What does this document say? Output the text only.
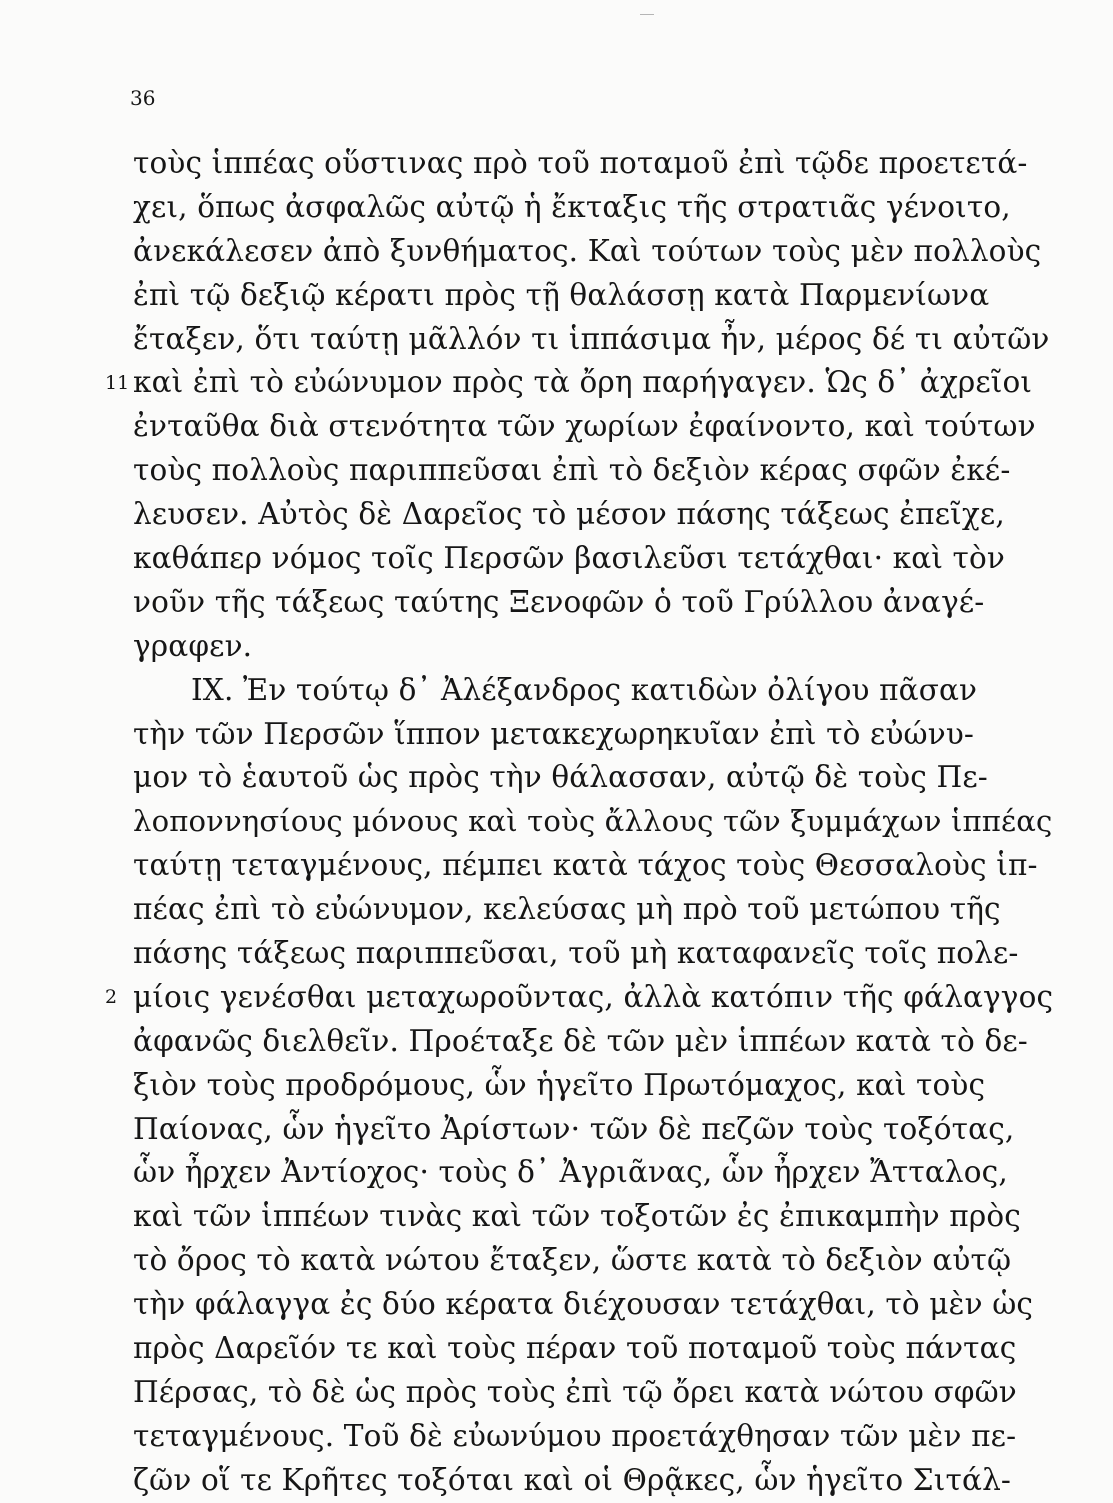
36
11
2
τοὺς ἱππέας οὕστινας πρὸ τοῦ ποταμοῦ ἐπὶ τῷδε προετετά-
χει, ὅπως ἀσφαλῶς αὐτῷ ἡ ἔκταξις τῆς στρατιᾶς γένοιτο,
ἀνεκάλεσεν ἀπὸ ξυνθήματος. Καὶ τούτων τοὺς μὲν πολλοὺς
ἐπὶ τῷ δεξιῷ κέρατι πρὸς τῇ θαλάσσῃ κατὰ Παρμενίωνα
ἔταξεν, ὅτι ταύτῃ μᾶλλόν τι ἱππάσιμα ἦν, μέρος δέ τι αὐτῶν
καὶ ἐπὶ τὸ εὐώνυμον πρὸς τὰ ὄρη παρήγαγεν. Ὡς δ᾽ ἀχρεῖοι
ἐνταῦθα διὰ στενότητα τῶν χωρίων ἐφαίνοντο, καὶ τούτων
τοὺς πολλοὺς παριππεῦσαι ἐπὶ τὸ δεξιὸν κέρας σφῶν ἐκέ-
λευσεν. Αὐτὸς δὲ Δαρεῖος τὸ μέσον πάσης τάξεως ἐπεῖχε,
καθάπερ νόμος τοῖς Περσῶν βασιλεῦσι τετάχθαι· καὶ τὸν
νοῦν τῆς τάξεως ταύτης Ξενοφῶν ὁ τοῦ Γρύλλου ἀναγέ-
γραφεν.
IX. Ἐν τούτῳ δ᾽ Ἀλέξανδρος κατιδὼν ὀλίγου πᾶσαν
τὴν τῶν Περσῶν ἵππον μετακεχωρηκυῖαν ἐπὶ τὸ εὐώνυ-
μον τὸ ἑαυτοῦ ὡς πρὸς τὴν θάλασσαν, αὐτῷ δὲ τοὺς Πε-
λοποννησίους μόνους καὶ τοὺς ἄλλους τῶν ξυμμάχων ἱππέας
ταύτῃ τεταγμένους, πέμπει κατὰ τάχος τοὺς Θεσσαλοὺς ἱπ-
πέας ἐπὶ τὸ εὐώνυμον, κελεύσας μὴ πρὸ τοῦ μετώπου τῆς
πάσης τάξεως παριππεῦσαι, τοῦ μὴ καταφανεῖς τοῖς πολε-
μίοις γενέσθαι μεταχωροῦντας, ἀλλὰ κατόπιν τῆς φάλαγγος
ἀφανῶς διελθεῖν. Προέταξε δὲ τῶν μὲν ἱππέων κατὰ τὸ δε-
ξιὸν τοὺς προδρόμους, ὧν ἡγεῖτο Πρωτόμαχος, καὶ τοὺς
Παίονας, ὧν ἡγεῖτο Ἀρίστων· τῶν δὲ πεζῶν τοὺς τοξότας,
ὧν ἦρχεν Ἀντίοχος· τοὺς δ᾽ Ἀγριᾶνας, ὧν ἦρχεν Ἄτταλος,
καὶ τῶν ἱππέων τινὰς καὶ τῶν τοξοτῶν ἐς ἐπικαμπὴν πρὸς
τὸ ὄρος τὸ κατὰ νώτου ἔταξεν, ὥστε κατὰ τὸ δεξιὸν αὐτῷ
τὴν φάλαγγα ἐς δύο κέρατα διέχουσαν τετάχθαι, τὸ μὲν ὡς
πρὸς Δαρεῖόν τε καὶ τοὺς πέραν τοῦ ποταμοῦ τοὺς πάντας
Πέρσας, τὸ δὲ ὡς πρὸς τοὺς ἐπὶ τῷ ὄρει κατὰ νώτου σφῶν
τεταγμένους. Τοῦ δὲ εὐωνύμου προετάχθησαν τῶν μὲν πε-
ζῶν οἵ τε Κρῆτες τοξόται καὶ οἱ Θρᾷκες, ὧν ἡγεῖτο Σιτάλ-
